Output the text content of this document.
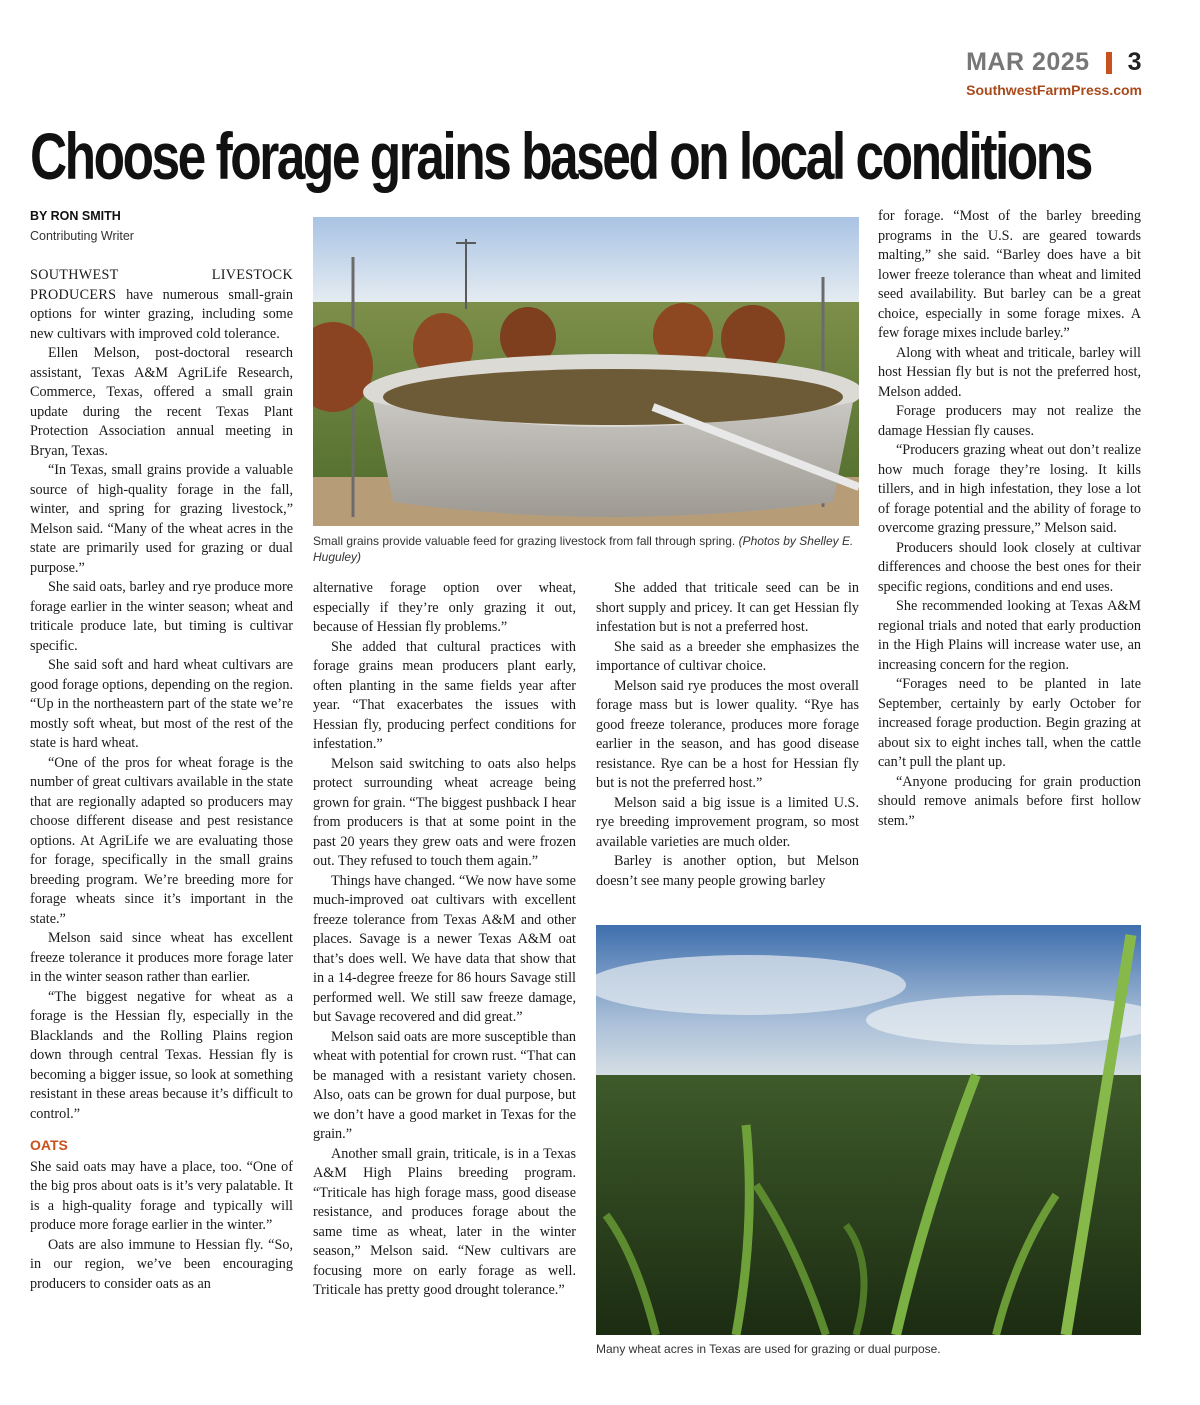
MAR 2025 3
SouthwestFarmPress.com
Choose forage grains based on local conditions
BY RON SMITH
Contributing Writer

SOUTHWEST LIVESTOCK PRODUCERS have numerous small-grain options for winter grazing, including some new cultivars with improved cold tolerance.

Ellen Melson, post-doctoral research assistant, Texas A&M AgriLife Research, Commerce, Texas, offered a small grain update during the recent Texas Plant Protection Association annual meeting in Bryan, Texas.

“In Texas, small grains provide a valuable source of high-quality forage in the fall, winter, and spring for grazing livestock,” Melson said. “Many of the wheat acres in the state are primarily used for grazing or dual purpose.”

She said oats, barley and rye produce more forage earlier in the winter season; wheat and triticale produce late, but timing is cultivar specific.

She said soft and hard wheat cultivars are good forage options, depending on the region. “Up in the northeastern part of the state we’re mostly soft wheat, but most of the rest of the state is hard wheat.

“One of the pros for wheat forage is the number of great cultivars available in the state that are regionally adapted so producers may choose different disease and pest resistance options. At AgriLife we are evaluating those for forage, specifically in the small grains breeding program. We’re breeding more for forage wheats since it’s important in the state.”

Melson said since wheat has excellent freeze tolerance it produces more forage later in the winter season rather than earlier.

“The biggest negative for wheat as a forage is the Hessian fly, especially in the Blacklands and the Rolling Plains region down through central Texas. Hessian fly is becoming a bigger issue, so look at something resistant in these areas because it’s difficult to control.”

OATS

She said oats may have a place, too. “One of the big pros about oats is it’s very palatable. It is a high-quality forage and typically will produce more forage earlier in the winter.”

Oats are also immune to Hessian fly. “So, in our region, we’ve been encouraging producers to consider oats as an

Small grains provide valuable feed for grazing livestock from fall through spring. (Photos by Shelley E. Huguley)

alternative forage option over wheat, especially if they’re only grazing it out, because of Hessian fly problems.”

She added that cultural practices with forage grains mean producers plant early, often planting in the same fields year after year. “That exacerbates the issues with Hessian fly, producing perfect conditions for infestation.”

Melson said switching to oats also helps protect surrounding wheat acreage being grown for grain. “The biggest pushback I hear from producers is that at some point in the past 20 years they grew oats and were frozen out. They refused to touch them again.”

Things have changed. “We now have some much-improved oat cultivars with excellent freeze tolerance from Texas A&M and other places. Savage is a newer Texas A&M oat that’s does well. We have data that show that in a 14-degree freeze for 86 hours Savage still performed well. We still saw freeze damage, but Savage recovered and did great.”

Melson said oats are more susceptible than wheat with potential for crown rust. “That can be managed with a resistant variety chosen. Also, oats can be grown for dual purpose, but we don’t have a good market in Texas for the grain.”

Another small grain, triticale, is in a Texas A&M High Plains breeding program. “Triticale has high forage mass, good disease resistance, and produces forage about the same time as wheat, later in the winter season,” Melson said. “New cultivars are focusing more on early forage as well. Triticale has pretty good drought tolerance.”

She added that triticale seed can be in short supply and pricey. It can get Hessian fly infestation but is not a preferred host.

She said as a breeder she emphasizes the importance of cultivar choice.

Melson said rye produces the most overall forage mass but is lower quality. “Rye has good freeze tolerance, produces more forage earlier in the season, and has good disease resistance. Rye can be a host for Hessian fly but is not the preferred host.”

Melson said a big issue is a limited U.S. rye breeding improvement program, so most available varieties are much older.

Barley is another option, but Melson doesn’t see many people growing barley

for forage. “Most of the barley breeding programs in the U.S. are geared towards malting,” she said. “Barley does have a bit lower freeze tolerance than wheat and limited seed availability. But barley can be a great choice, especially in some forage mixes. A few forage mixes include barley.”

Along with wheat and triticale, barley will host Hessian fly but is not the preferred host, Melson added.

Forage producers may not realize the damage Hessian fly causes.

“Producers grazing wheat out don’t realize how much forage they’re losing. It kills tillers, and in high infestation, they lose a lot of forage potential and the ability of forage to overcome grazing pressure,” Melson said.

Producers should look closely at cultivar differences and choose the best ones for their specific regions, conditions and end uses.

She recommended looking at Texas A&M regional trials and noted that early production in the High Plains will increase water use, an increasing concern for the region.

“Forages need to be planted in late September, certainly by early October for increased forage production. Begin grazing at about six to eight inches tall, when the cattle can’t pull the plant up.

“Anyone producing for grain production should remove animals before first hollow stem.”

Many wheat acres in Texas are used for grazing or dual purpose.
